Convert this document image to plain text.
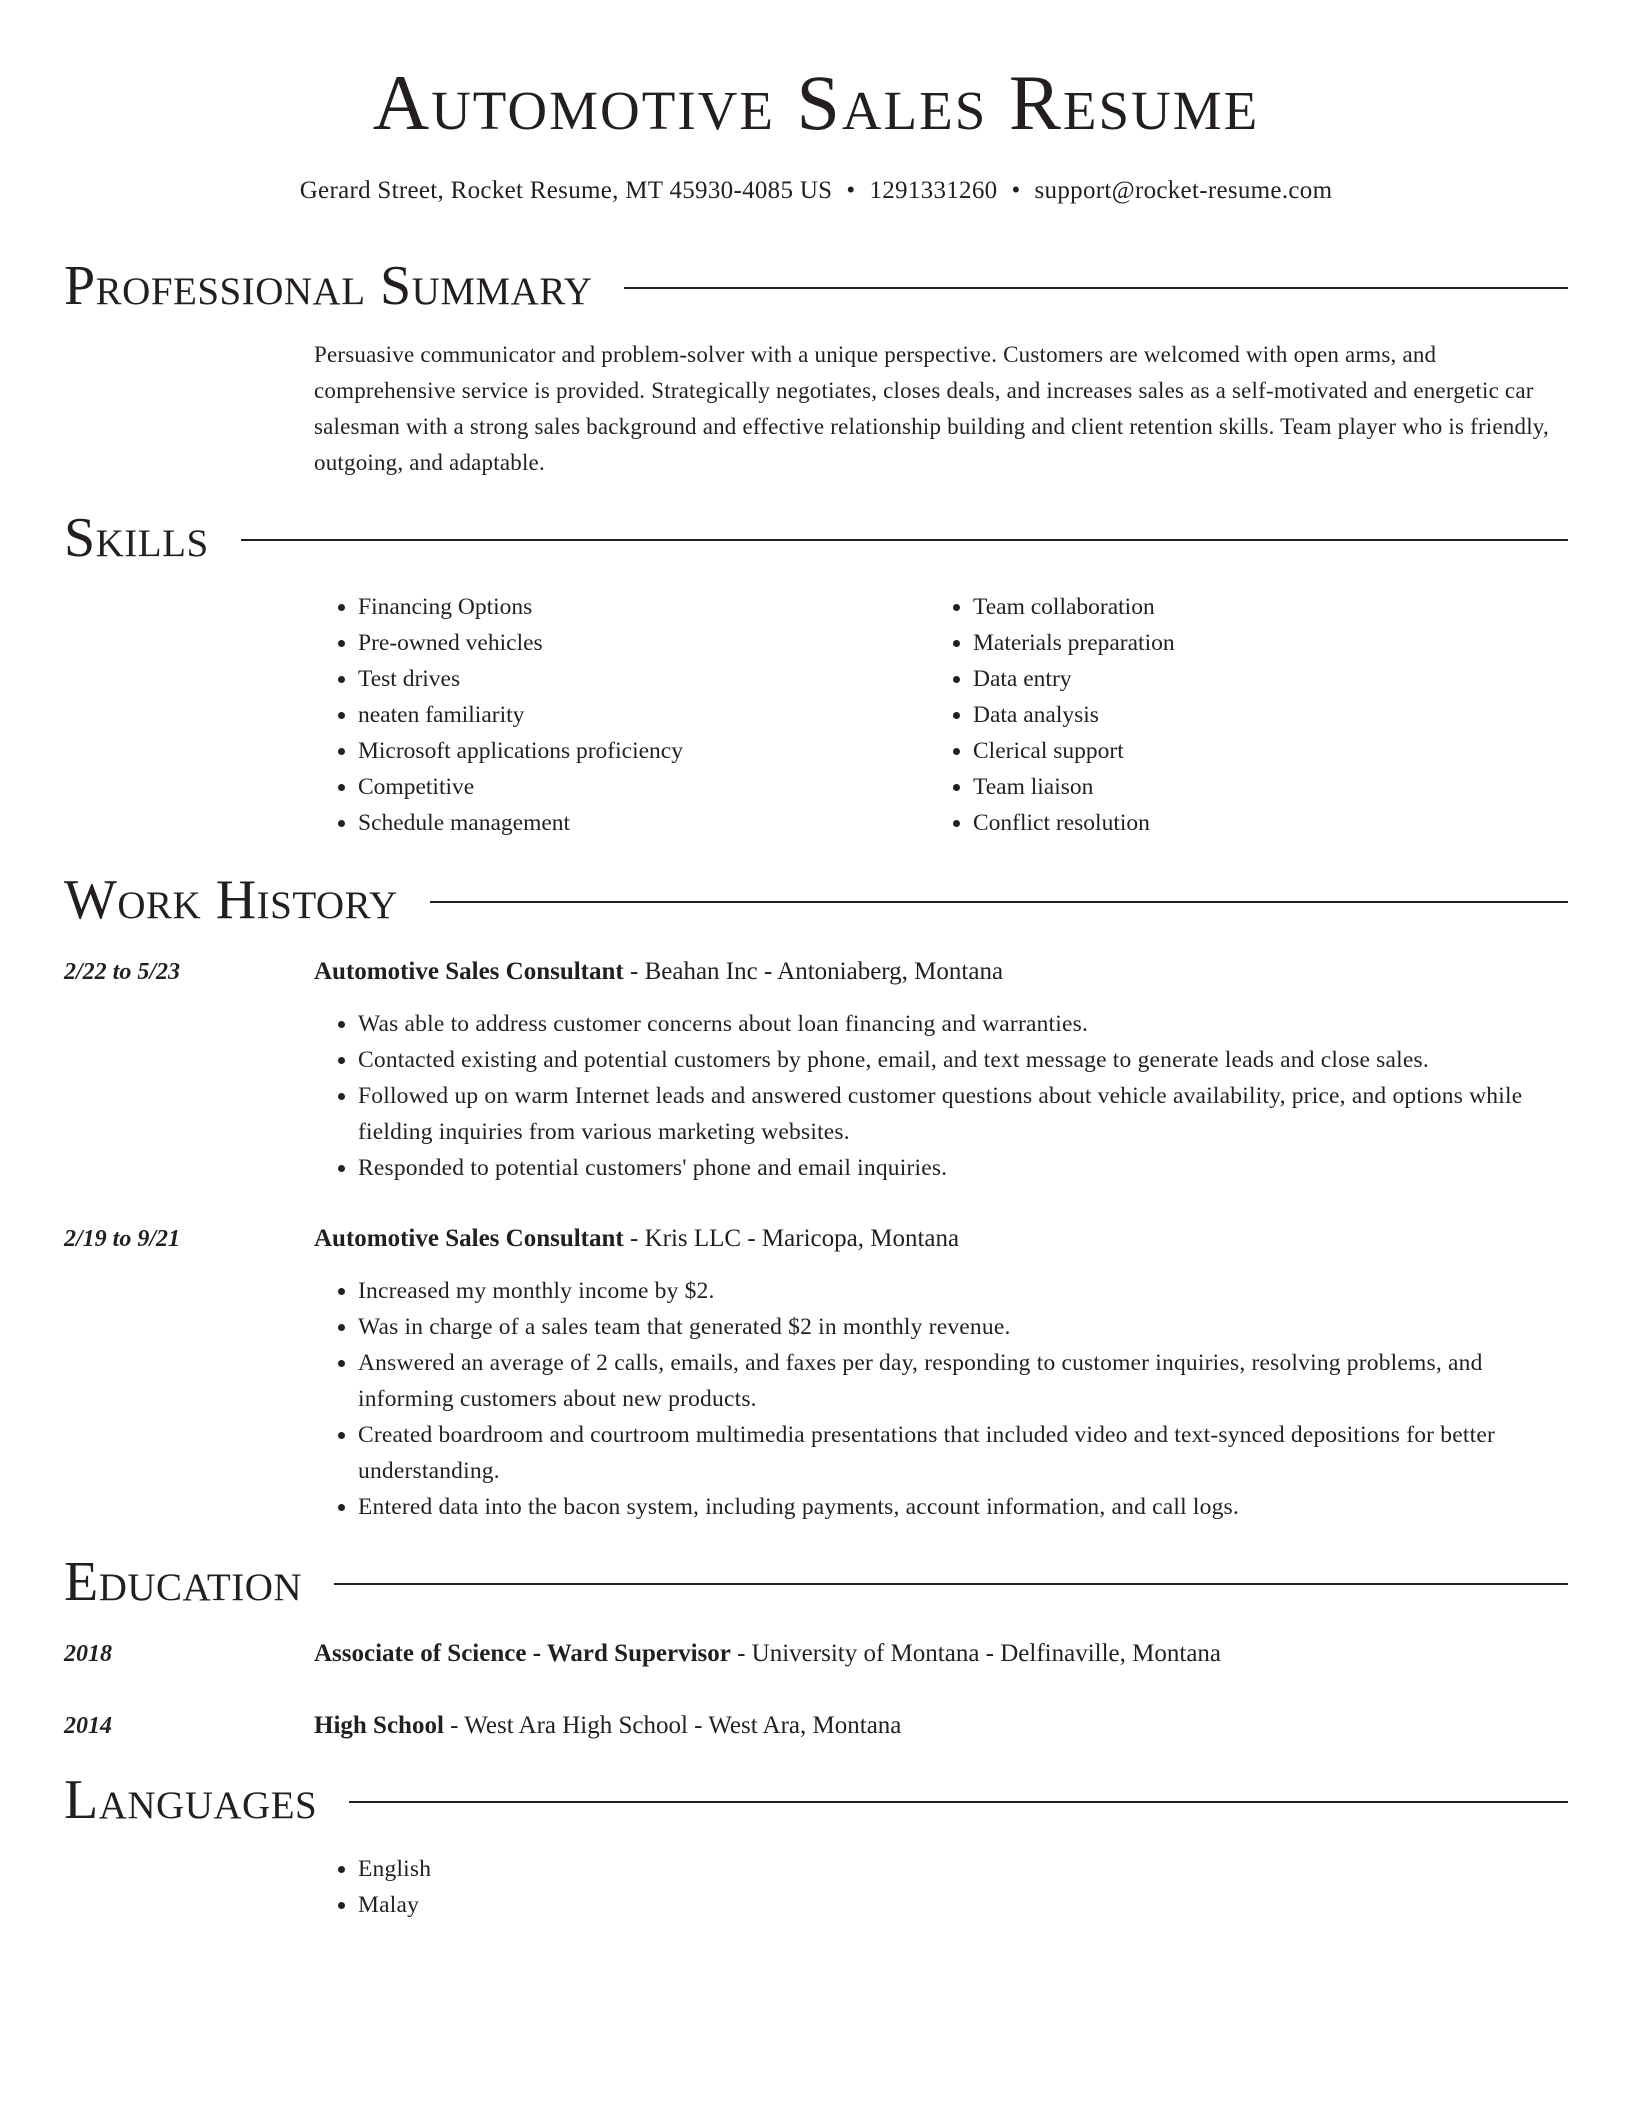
Automotive Sales Resume
Gerard Street, Rocket Resume, MT 45930-4085 US • 1291331260 • support@rocket-resume.com
Professional Summary
Persuasive communicator and problem-solver with a unique perspective. Customers are welcomed with open arms, and comprehensive service is provided. Strategically negotiates, closes deals, and increases sales as a self-motivated and energetic car salesman with a strong sales background and effective relationship building and client retention skills. Team player who is friendly, outgoing, and adaptable.
Skills
• Financing Options
• Pre-owned vehicles
• Test drives
• neaten familiarity
• Microsoft applications proficiency
• Competitive
• Schedule management
• Team collaboration
• Materials preparation
• Data entry
• Data analysis
• Clerical support
• Team liaison
• Conflict resolution
Work History
2/22 to 5/23	Automotive Sales Consultant - Beahan Inc - Antoniaberg, Montana
• Was able to address customer concerns about loan financing and warranties.
• Contacted existing and potential customers by phone, email, and text message to generate leads and close sales.
• Followed up on warm Internet leads and answered customer questions about vehicle availability, price, and options while fielding inquiries from various marketing websites.
• Responded to potential customers' phone and email inquiries.
2/19 to 9/21	Automotive Sales Consultant - Kris LLC - Maricopa, Montana
• Increased my monthly income by $2.
• Was in charge of a sales team that generated $2 in monthly revenue.
• Answered an average of 2 calls, emails, and faxes per day, responding to customer inquiries, resolving problems, and informing customers about new products.
• Created boardroom and courtroom multimedia presentations that included video and text-synced depositions for better understanding.
• Entered data into the bacon system, including payments, account information, and call logs.
Education
2018	Associate of Science - Ward Supervisor - University of Montana - Delfinaville, Montana
2014	High School - West Ara High School - West Ara, Montana
Languages
• English
• Malay
